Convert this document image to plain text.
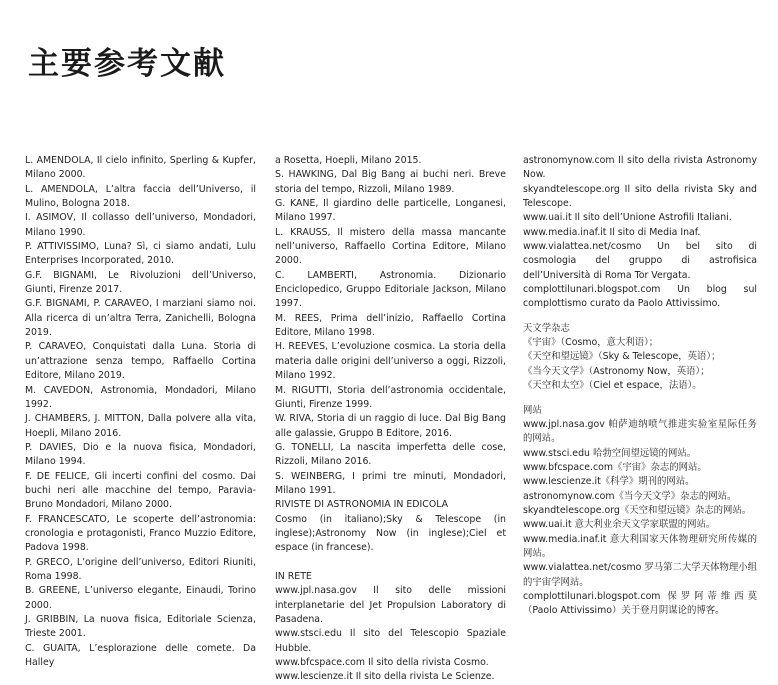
主要参考文献

L. AMENDOLA, Il cielo infinito, Sperling & Kupfer, Milano 2000.

L. AMENDOLA, L’altra faccia dell’Universo, il Mulino, Bologna 2018.

I. ASIMOV, Il collasso dell’universo, Mondadori, Milano 1990.

P. ATTIVISSIMO, Luna? Sì, ci siamo andati, Lulu Enterprises Incorporated, 2010.

G.F. BIGNAMI, Le Rivoluzioni dell’Universo, Giunti, Firenze 2017.

G.F. BIGNAMI, P. CARAVEO, I marziani siamo noi. Alla ricerca di un’altra Terra, Zanichelli, Bologna 2019.

P. CARAVEO, Conquistati dalla Luna. Storia di un’attrazione senza tempo, Raffaello Cortina Editore, Milano 2019.

M. CAVEDON, Astronomia, Mondadori, Milano 1992.

J. CHAMBERS, J. MITTON, Dalla polvere alla vita, Hoepli, Milano 2016.

P. DAVIES, Dio e la nuova fisica, Mondadori, Milano 1994.

F. DE FELICE, Gli incerti confini del cosmo. Dai buchi neri alle macchine del tempo, Paravia-Bruno Mondadori, Milano 2000.

F. FRANCESCATO, Le scoperte dell’astronomia: cronologia e protagonisti, Franco Muzzio Editore, Padova 1998.

P. GRECO, L’origine dell’universo, Editori Riuniti, Roma 1998.

B. GREENE, L’universo elegante, Einaudi, Torino 2000.

J. GRIBBIN, La nuova fisica, Editoriale Scienza, Trieste 2001.

C. GUAITA, L’esplorazione delle comete. Da Halley

a Rosetta, Hoepli, Milano 2015.

S. HAWKING, Dal Big Bang ai buchi neri. Breve storia del tempo, Rizzoli, Milano 1989.

G. KANE, Il giardino delle particelle, Longanesi, Milano 1997.

L. KRAUSS, Il mistero della massa mancante nell’universo, Raffaello Cortina Editore, Milano 2000.

C. LAMBERTI, Astronomia. Dizionario Enciclopedico, Gruppo Editoriale Jackson, Milano 1997.

M. REES, Prima dell’inizio, Raffaello Cortina Editore, Milano 1998.

H. REEVES, L’evoluzione cosmica. La storia della materia dalle origini dell’universo a oggi, Rizzoli, Milano 1992.

M. RIGUTTI, Storia dell’astronomia occidentale, Giunti, Firenze 1999.

W. RIVA, Storia di un raggio di luce. Dal Big Bang alle galassie, Gruppo B Editore, 2016.

G. TONELLI, La nascita imperfetta delle cose, Rizzoli, Milano 2016.

S. WEINBERG, I primi tre minuti, Mondadori, Milano 1991.

RIVISTE DI ASTRONOMIA IN EDICOLA

Cosmo (in italiano);Sky & Telescope (in inglese);Astronomy Now (in inglese);Ciel et espace (in francese).

IN RETE

www.jpl.nasa.gov Il sito delle missioni interplanetarie del Jet Propulsion Laboratory di Pasadena.

www.stsci.edu Il sito del Telescopio Spaziale Hubble.

www.bfcspace.com Il sito della rivista Cosmo.

www.lescienze.it Il sito della rivista Le Scienze.

astronomynow.com Il sito della rivista Astronomy Now.

skyandtelescope.org Il sito della rivista Sky and Telescope.

www.uai.it Il sito dell’Unione Astrofili Italiani.

www.media.inaf.it Il sito di Media Inaf.

www.vialattea.net/cosmo Un bel sito di cosmologia del gruppo di astrofisica dell’Università di Roma Tor Vergata.

complottilunari.blogspot.com Un blog sul complottismo curato da Paolo Attivissimo.

天文学杂志

《宇宙》（Cosmo，意大利语）；

《天空和望远镜》（Sky & Telescope，英语）；

《当今天文学》（Astronomy Now，英语）；

《天空和太空》（Ciel et espace，法语）。

网站

www.jpl.nasa.gov 帕萨迪纳喷气推进实验室星际任务的网站。

www.stsci.edu 哈勃空间望远镜的网站。

www.bfcspace.com《宇宙》杂志的网站。

www.lescienze.it《科学》期刊的网站。

astronomynow.com《当今天文学》杂志的网站。

skyandtelescope.org《天空和望远镜》杂志的网站。

www.uai.it 意大利业余天文学家联盟的网站。

www.media.inaf.it 意大利国家天体物理研究所传媒的网站。

www.vialattea.net/cosmo 罗马第二大学天体物理小组的宇宙学网站。

complottilunari.blogspot.com 保罗阿蒂维西莫（Paolo Attivissimo）关于登月阴谋论的博客。
